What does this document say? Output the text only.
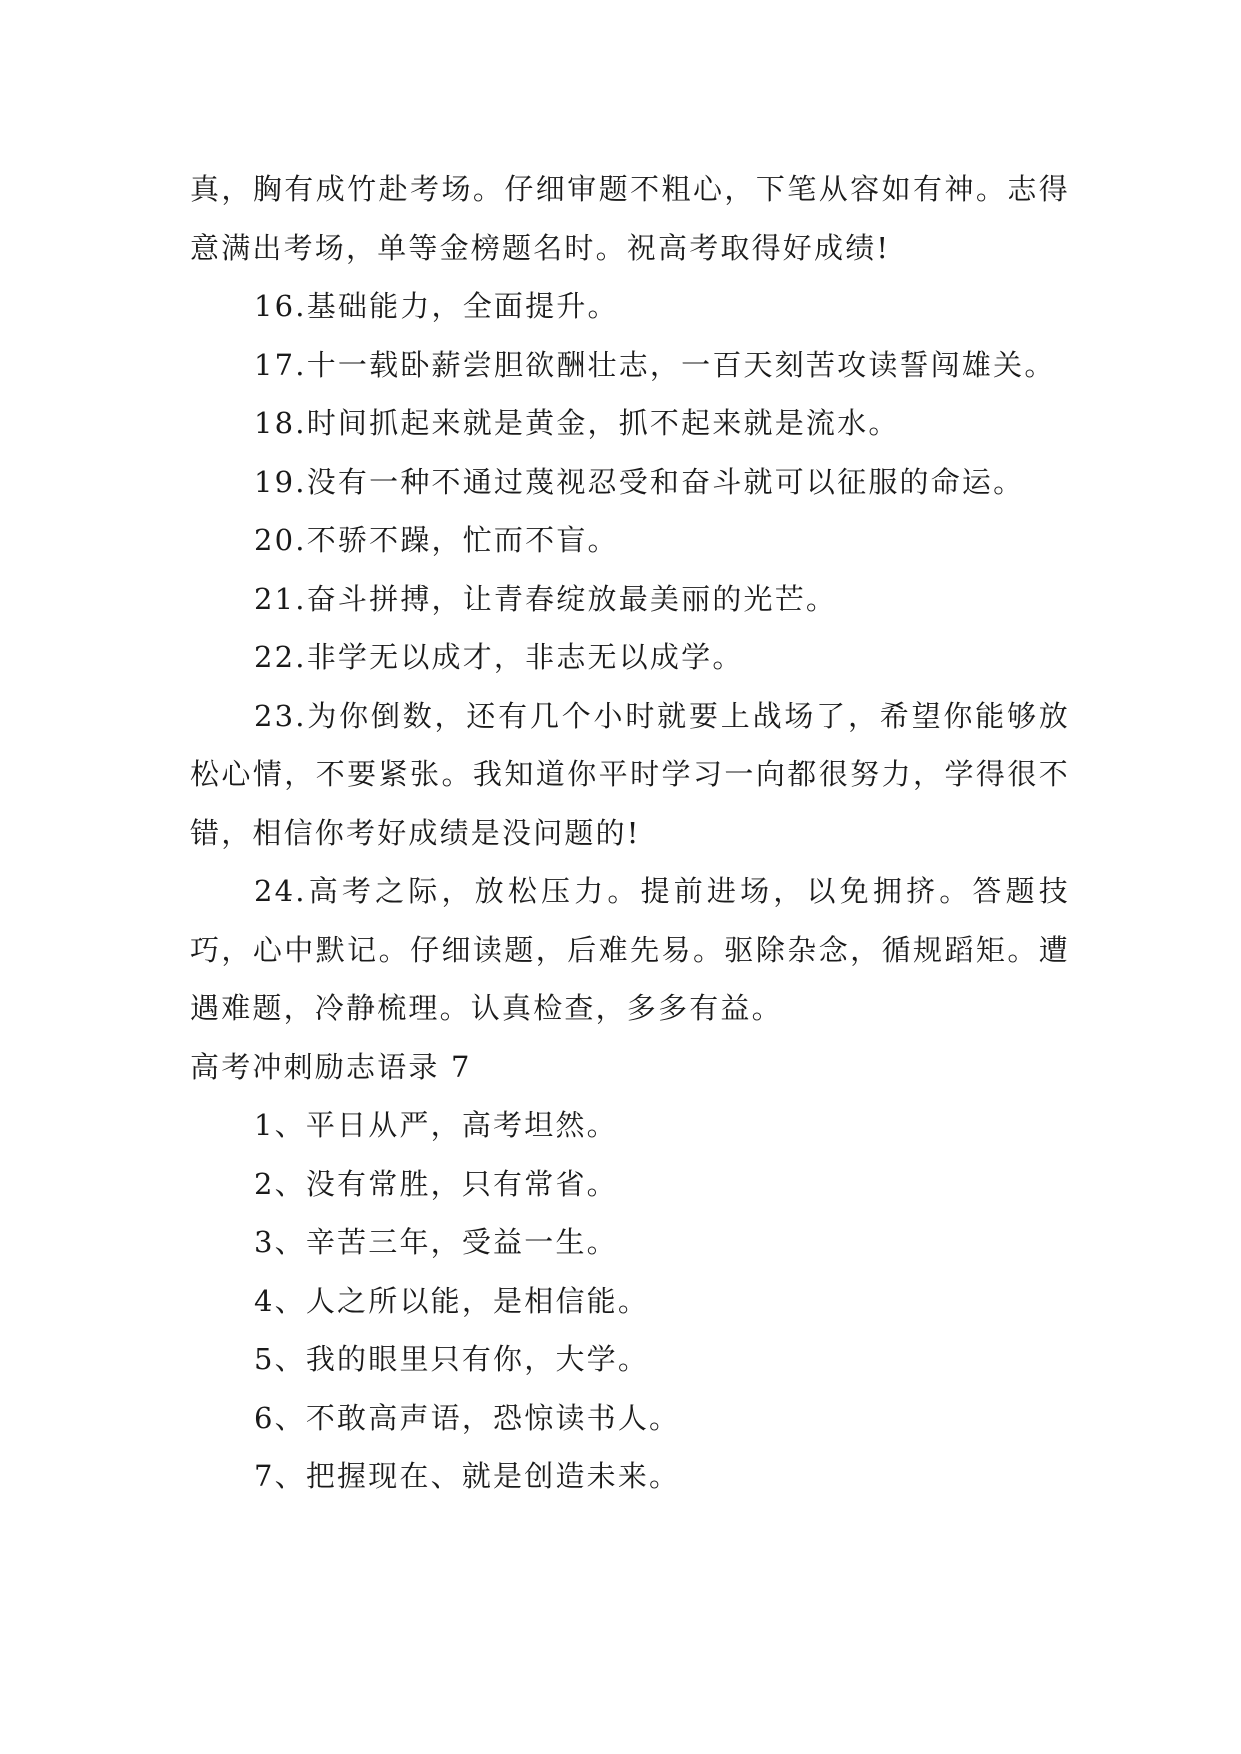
真，胸有成竹赴考场。仔细审题不粗心，下笔从容如有神。志得意满出考场，单等金榜题名时。祝高考取得好成绩!

16.基础能力，全面提升。

17.十一载卧薪尝胆欲酬壮志，一百天刻苦攻读誓闯雄关。

18.时间抓起来就是黄金，抓不起来就是流水。

19.没有一种不通过蔑视忍受和奋斗就可以征服的命运。

20.不骄不躁，忙而不盲。

21.奋斗拼搏，让青春绽放最美丽的光芒。

22.非学无以成才，非志无以成学。

23.为你倒数，还有几个小时就要上战场了，希望你能够放松心情，不要紧张。我知道你平时学习一向都很努力，学得很不错，相信你考好成绩是没问题的!

24.高考之际，放松压力。提前进场，以免拥挤。答题技巧，心中默记。仔细读题，后难先易。驱除杂念，循规蹈矩。遭遇难题，冷静梳理。认真检查，多多有益。

高考冲刺励志语录 7

1、平日从严，高考坦然。

2、没有常胜，只有常省。

3、辛苦三年，受益一生。

4、人之所以能，是相信能。

5、我的眼里只有你，大学。

6、不敢高声语，恐惊读书人。

7、把握现在、就是创造未来。
